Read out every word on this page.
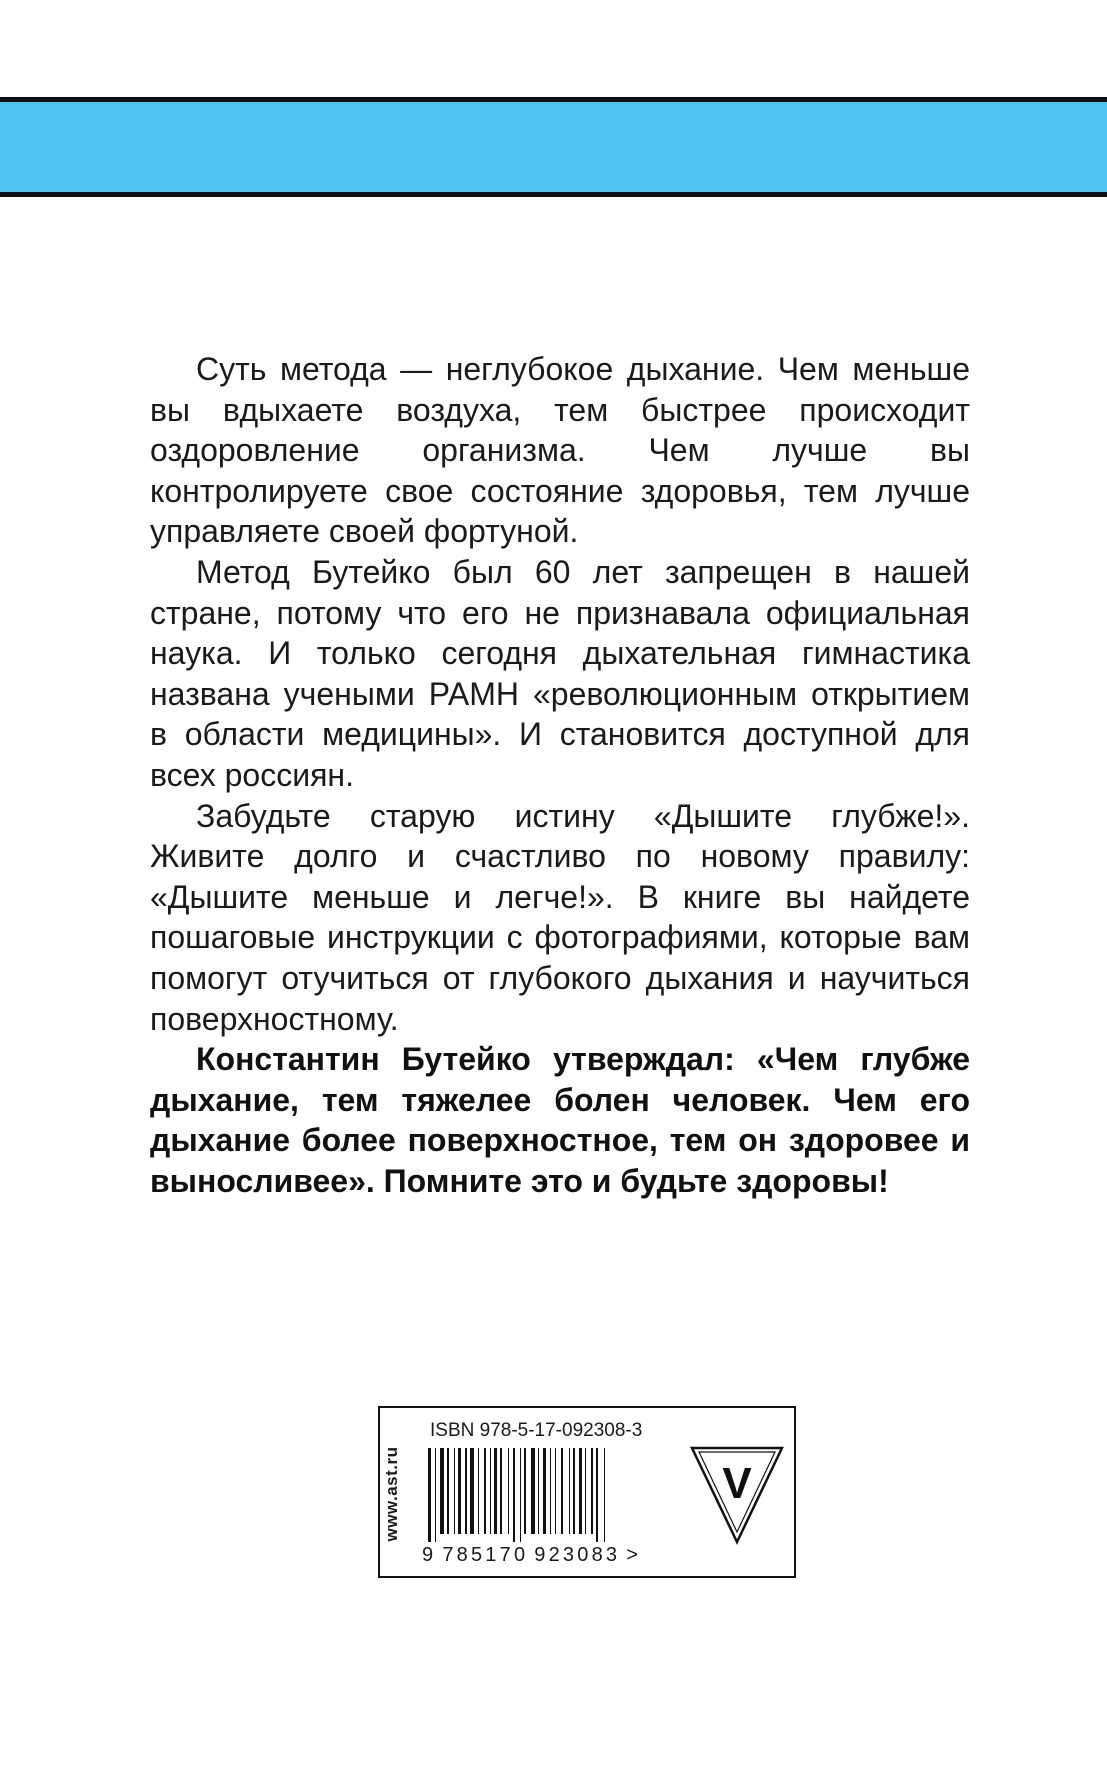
Суть метода — неглубокое дыхание. Чем меньше вы вдыхаете воздуха, тем быстрее происходит оздоровление организма. Чем лучше вы контролируете свое состояние здоровья, тем лучше управляете своей фортуной.

Метод Бутейко был 60 лет запрещен в нашей стране, потому что его не признавала официальная наука. И только сегодня дыхательная гимнастика названа учеными РАМН «революционным открытием в области медицины». И становится доступной для всех россиян.

Забудьте старую истину «Дышите глубже!». Живите долго и счастливо по новому правилу: «Дышите меньше и легче!». В книге вы найдете пошаговые инструкции с фотографиями, которые вам помогут отучиться от глубокого дыхания и научиться поверхностному.

Константин Бутейко утверждал: «Чем глубже дыхание, тем тяжелее болен человек. Чем его дыхание более поверхностное, тем он здоровее и выносливее». Помните это и будьте здоровы!

www.ast.ru
ISBN 978-5-17-092308-3
9 785170 923083 >
V
